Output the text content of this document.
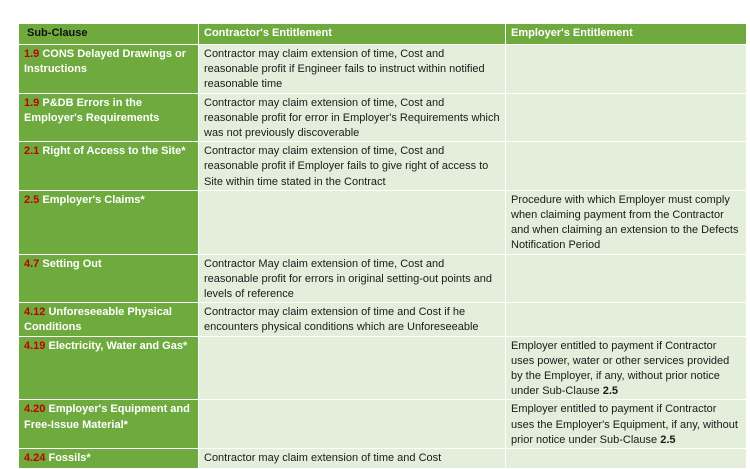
Sub-Clause	Contractor's Entitlement	Employer's Entitlement
1.9 CONS Delayed Drawings or Instructions	Contractor may claim extension of time, Cost and reasonable profit if Engineer fails to instruct within notified reasonable time	
1.9 P&DB Errors in the Employer's Requirements	Contractor may claim extension of time, Cost and reasonable profit for error in Employer's Requirements which was not previously discoverable	
2.1 Right of Access to the Site*	Contractor may claim extension of time, Cost and reasonable profit if Employer fails to give right of access to Site within time stated in the Contract	
2.5 Employer's Claims*		Procedure with which Employer must comply when claiming payment from the Contractor and when claiming an extension to the Defects Notification Period
4.7 Setting Out	Contractor May claim extension of time, Cost and reasonable profit for errors in original setting-out points and levels of reference	
4.12 Unforeseeable Physical Conditions	Contractor may claim extension of time and Cost if he encounters physical conditions which are Unforeseeable	
4.19 Electricity, Water and Gas*		Employer entitled to payment if Contractor uses power, water or other services provided by the Employer, if any, without prior notice under Sub-Clause 2.5
4.20 Employer's Equipment and Free-Issue Material*		Employer entitled to payment if Contractor uses the Employer's Equipment, if any, without prior notice under Sub-Clause 2.5
4.24 Fossils*	Contractor may claim extension of time and Cost	
